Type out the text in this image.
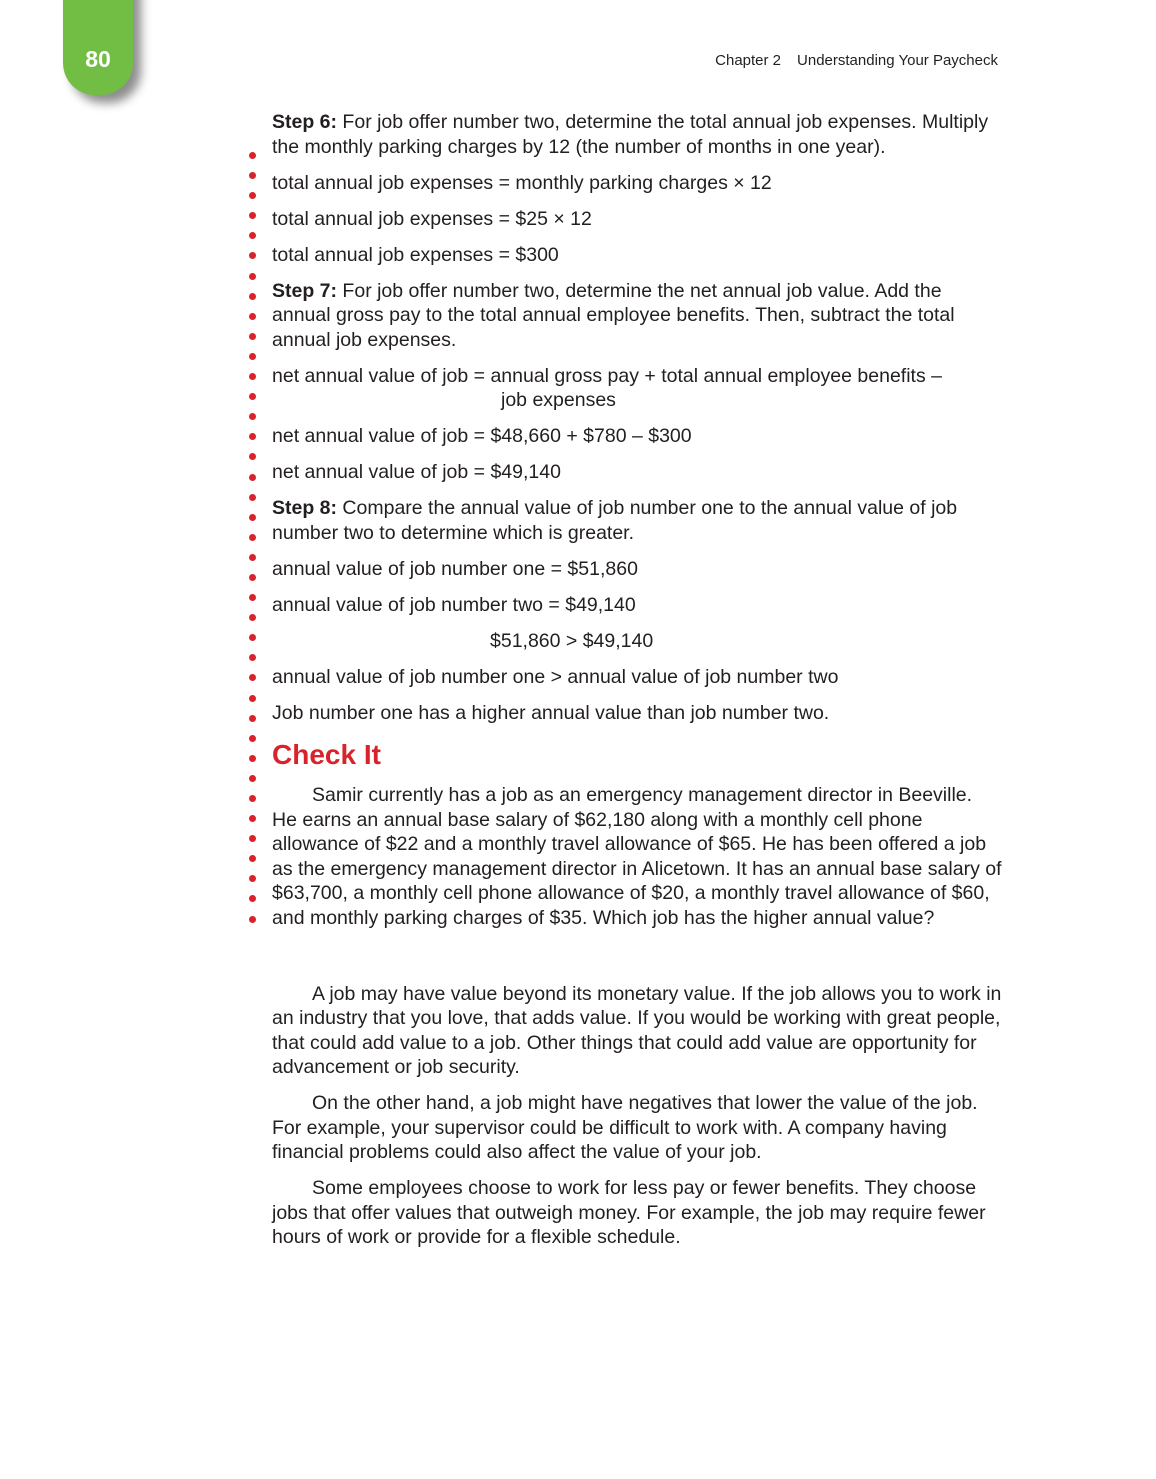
80	Chapter 2 Understanding Your Paycheck

Step 6: For job offer number two, determine the total annual job expenses. Multiply the monthly parking charges by 12 (the number of months in one year).

total annual job expenses = monthly parking charges × 12

total annual job expenses = $25 × 12

total annual job expenses = $300

Step 7: For job offer number two, determine the net annual job value. Add the annual gross pay to the total annual employee benefits. Then, subtract the total annual job expenses.

net annual value of job = annual gross pay + total annual employee benefits –
job expenses

net annual value of job = $48,660 + $780 – $300

net annual value of job = $49,140

Step 8: Compare the annual value of job number one to the annual value of job number two to determine which is greater.

annual value of job number one = $51,860

annual value of job number two = $49,140

$51,860 > $49,140

annual value of job number one > annual value of job number two

Job number one has a higher annual value than job number two.

Check It

Samir currently has a job as an emergency management director in Beeville. He earns an annual base salary of $62,180 along with a monthly cell phone allowance of $22 and a monthly travel allowance of $65. He has been offered a job as the emergency management director in Alicetown. It has an annual base salary of $63,700, a monthly cell phone allowance of $20, a monthly travel allowance of $60, and monthly parking charges of $35. Which job has the higher annual value?

A job may have value beyond its monetary value. If the job allows you to work in an industry that you love, that adds value. If you would be working with great people, that could add value to a job. Other things that could add value are opportunity for advancement or job security.

On the other hand, a job might have negatives that lower the value of the job. For example, your supervisor could be difficult to work with. A company having financial problems could also affect the value of your job.

Some employees choose to work for less pay or fewer benefits. They choose jobs that offer values that outweigh money. For example, the job may require fewer hours of work or provide for a flexible schedule.
